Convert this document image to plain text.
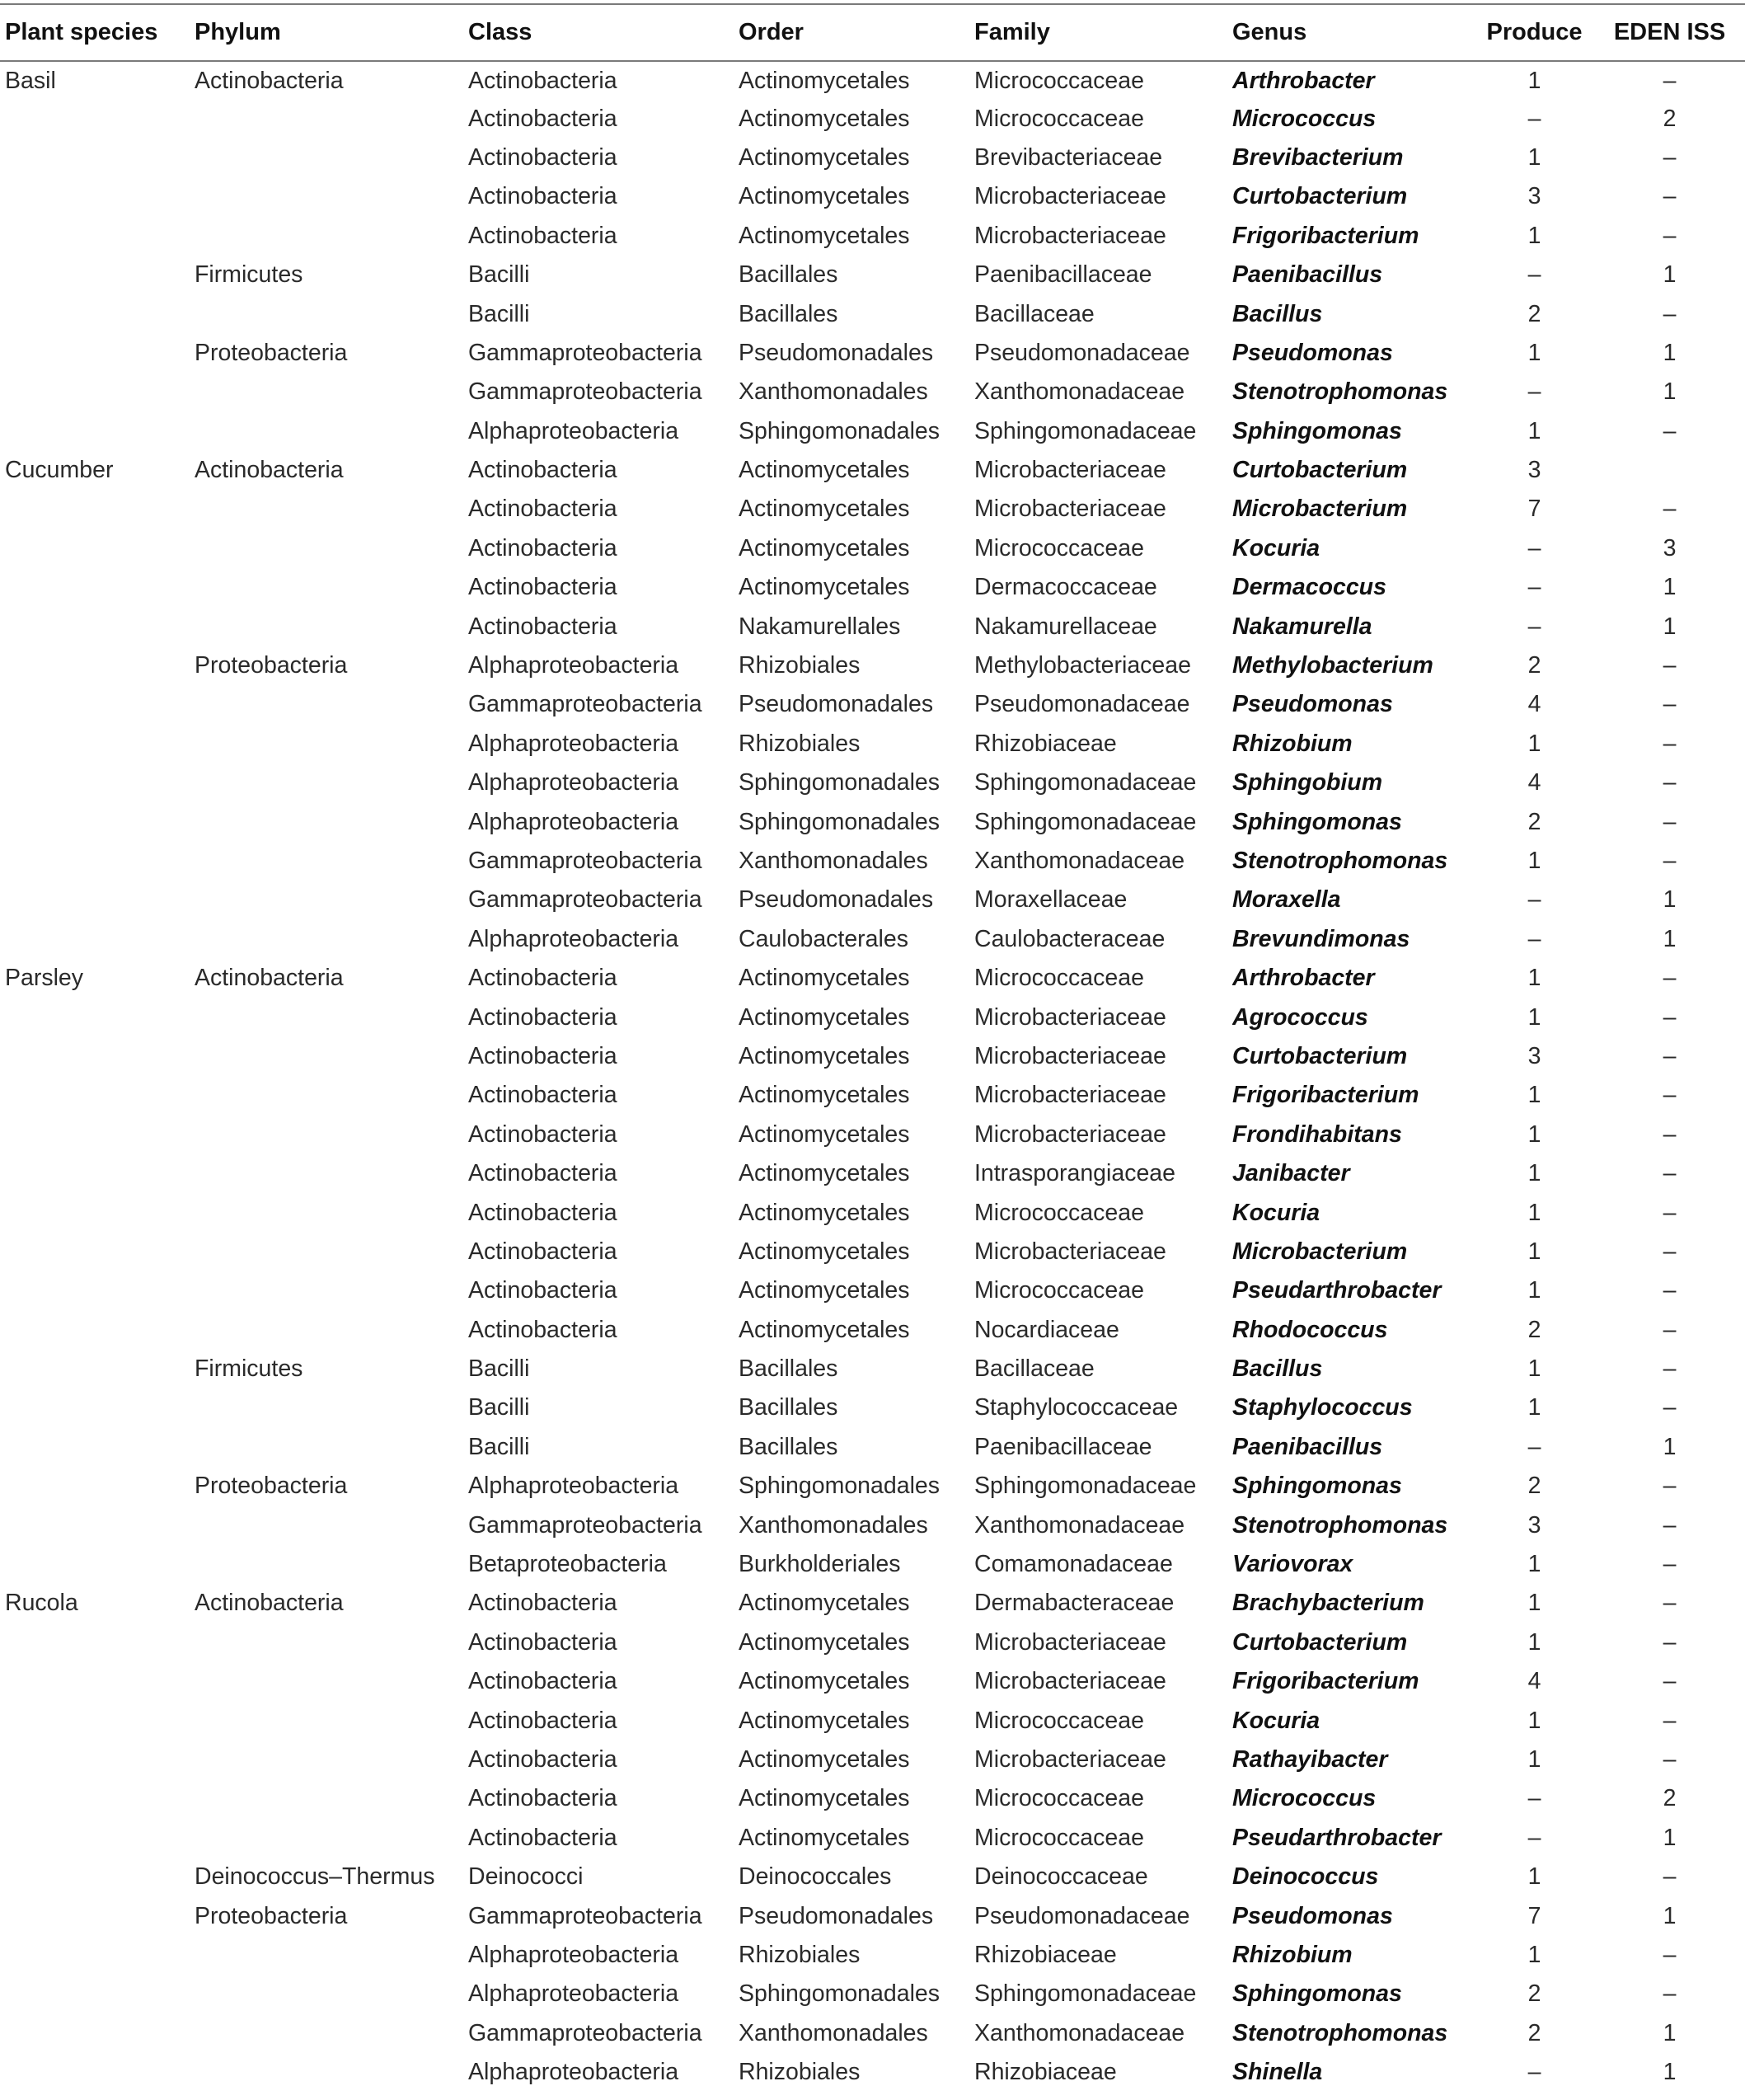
Plant species	Phylum	Class	Order	Family	Genus	Produce	EDEN ISS
Basil	Actinobacteria	Actinobacteria	Actinomycetales	Micrococcaceae	Arthrobacter	1	–
		Actinobacteria	Actinomycetales	Micrococcaceae	Micrococcus	–	2
		Actinobacteria	Actinomycetales	Brevibacteriaceae	Brevibacterium	1	–
		Actinobacteria	Actinomycetales	Microbacteriaceae	Curtobacterium	3	–
		Actinobacteria	Actinomycetales	Microbacteriaceae	Frigoribacterium	1	–
	Firmicutes	Bacilli	Bacillales	Paenibacillaceae	Paenibacillus	–	1
		Bacilli	Bacillales	Bacillaceae	Bacillus	2	–
	Proteobacteria	Gammaproteobacteria	Pseudomonadales	Pseudomonadaceae	Pseudomonas	1	1
		Gammaproteobacteria	Xanthomonadales	Xanthomonadaceae	Stenotrophomonas	–	1
		Alphaproteobacteria	Sphingomonadales	Sphingomonadaceae	Sphingomonas	1	–
Cucumber	Actinobacteria	Actinobacteria	Actinomycetales	Microbacteriaceae	Curtobacterium	3	
		Actinobacteria	Actinomycetales	Microbacteriaceae	Microbacterium	7	–
		Actinobacteria	Actinomycetales	Micrococcaceae	Kocuria	–	3
		Actinobacteria	Actinomycetales	Dermacoccaceae	Dermacoccus	–	1
		Actinobacteria	Nakamurellales	Nakamurellaceae	Nakamurella	–	1
	Proteobacteria	Alphaproteobacteria	Rhizobiales	Methylobacteriaceae	Methylobacterium	2	–
		Gammaproteobacteria	Pseudomonadales	Pseudomonadaceae	Pseudomonas	4	–
		Alphaproteobacteria	Rhizobiales	Rhizobiaceae	Rhizobium	1	–
		Alphaproteobacteria	Sphingomonadales	Sphingomonadaceae	Sphingobium	4	–
		Alphaproteobacteria	Sphingomonadales	Sphingomonadaceae	Sphingomonas	2	–
		Gammaproteobacteria	Xanthomonadales	Xanthomonadaceae	Stenotrophomonas	1	–
		Gammaproteobacteria	Pseudomonadales	Moraxellaceae	Moraxella	–	1
		Alphaproteobacteria	Caulobacterales	Caulobacteraceae	Brevundimonas	–	1
Parsley	Actinobacteria	Actinobacteria	Actinomycetales	Micrococcaceae	Arthrobacter	1	–
		Actinobacteria	Actinomycetales	Microbacteriaceae	Agrococcus	1	–
		Actinobacteria	Actinomycetales	Microbacteriaceae	Curtobacterium	3	–
		Actinobacteria	Actinomycetales	Microbacteriaceae	Frigoribacterium	1	–
		Actinobacteria	Actinomycetales	Microbacteriaceae	Frondihabitans	1	–
		Actinobacteria	Actinomycetales	Intrasporangiaceae	Janibacter	1	–
		Actinobacteria	Actinomycetales	Micrococcaceae	Kocuria	1	–
		Actinobacteria	Actinomycetales	Microbacteriaceae	Microbacterium	1	–
		Actinobacteria	Actinomycetales	Micrococcaceae	Pseudarthrobacter	1	–
		Actinobacteria	Actinomycetales	Nocardiaceae	Rhodococcus	2	–
	Firmicutes	Bacilli	Bacillales	Bacillaceae	Bacillus	1	–
		Bacilli	Bacillales	Staphylococcaceae	Staphylococcus	1	–
		Bacilli	Bacillales	Paenibacillaceae	Paenibacillus	–	1
	Proteobacteria	Alphaproteobacteria	Sphingomonadales	Sphingomonadaceae	Sphingomonas	2	–
		Gammaproteobacteria	Xanthomonadales	Xanthomonadaceae	Stenotrophomonas	3	–
		Betaproteobacteria	Burkholderiales	Comamonadaceae	Variovorax	1	–
Rucola	Actinobacteria	Actinobacteria	Actinomycetales	Dermabacteraceae	Brachybacterium	1	–
		Actinobacteria	Actinomycetales	Microbacteriaceae	Curtobacterium	1	–
		Actinobacteria	Actinomycetales	Microbacteriaceae	Frigoribacterium	4	–
		Actinobacteria	Actinomycetales	Micrococcaceae	Kocuria	1	–
		Actinobacteria	Actinomycetales	Microbacteriaceae	Rathayibacter	1	–
		Actinobacteria	Actinomycetales	Micrococcaceae	Micrococcus	–	2
		Actinobacteria	Actinomycetales	Micrococcaceae	Pseudarthrobacter	–	1
	Deinococcus–Thermus	Deinococci	Deinococcales	Deinococcaceae	Deinococcus	1	–
	Proteobacteria	Gammaproteobacteria	Pseudomonadales	Pseudomonadaceae	Pseudomonas	7	1
		Alphaproteobacteria	Rhizobiales	Rhizobiaceae	Rhizobium	1	–
		Alphaproteobacteria	Sphingomonadales	Sphingomonadaceae	Sphingomonas	2	–
		Gammaproteobacteria	Xanthomonadales	Xanthomonadaceae	Stenotrophomonas	2	1
		Alphaproteobacteria	Rhizobiales	Rhizobiaceae	Shinella	–	1
